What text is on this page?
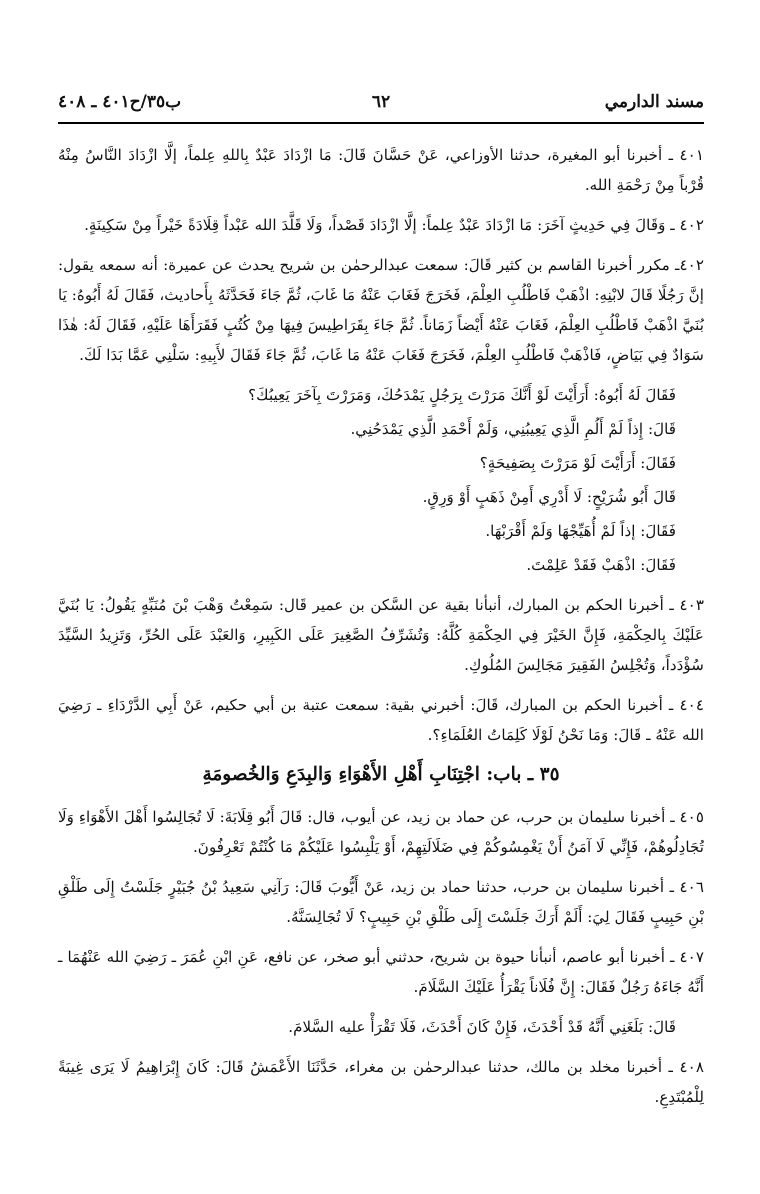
مسند الدارمي
٦٢
ب٣٥/ح٤٠١ ـ ٤٠٨

٤٠١ ـ أخبرنا أبو المغيرة، حدثنا الأوزاعي، عَنْ حَسَّانَ قَالَ: مَا ازْدَادَ عَبْدٌ بِاللهِ عِلماً، إلَّا ازْدَادَ النَّاسُ مِنْهُ قُرْباً مِنْ رَحْمَةِ الله.

٤٠٢ ـ وَقَالَ فِي حَدِيثٍ آخَرَ: مَا ازْدَادَ عَبْدٌ عِلماً: إلَّا ازْدَادَ قَصْداً، وَلَا قَلَّدَ الله عَبْداً قِلَادَةً خَيْراً مِنْ سَكِينَةٍ.

٤٠٢ـ مكرر أخبرنا القاسم بن كثير قَالَ: سمعت عبدالرحمٰن بن شريح يحدث عن عميرة: أنه سمعه يقول: إنَّ رَجُلًا قَالَ لابْنِهِ: اذْهَبْ فَاطْلُبِ العِلْمَ، فَخَرَجَ فَغَابَ عَنْهُ مَا غَابَ، ثُمَّ جَاءَ فَحَدَّثَهُ بِأَحاديث، فَقَالَ لَهُ أَبُوهُ: يَا بُنَيَّ اذْهَبْ فَاطْلُبِ العِلْمَ، فَغَابَ عَنْهُ أَيْضاً زَمَاناً. ثُمَّ جَاءَ بِقَرَاطِيسَ فِيهَا مِنْ كُتُبٍ فَقَرَأَهَا عَلَيْهِ، فَقَالَ لَهُ: هٰذَا سَوَادٌ فِي بَيَاضٍ، فَاذْهَبْ فَاطْلُبِ العِلْمَ، فَخَرَجَ فَغَابَ عَنْهُ مَا غَابَ، ثُمَّ جَاءَ فَقَالَ لأَبِيهِ: سَلْنِي عَمَّا بَدَا لَكَ.

فَقَالَ لَهُ أَبُوهُ: أَرَأَيْتَ لَوْ أَنَّكَ مَرَرْتَ بِرَجُلٍ يَمْدَحُكَ، وَمَرَرْتَ بِآخَرَ يَعِيبُكَ؟

قَالَ: إِذاً لَمْ أَلُمِ الَّذِي يَعِيبُنِي، وَلَمْ أَحْمَدِ الَّذِي يَمْدَحُنِي.

فَقَالَ: أَرَأَيْتَ لَوْ مَرَرْتَ بِصَفِيحَةٍ؟

قَالَ أَبُو شُرَيْحٍ: لَا أَدْرِي أَمِنْ ذَهَبٍ أَوْ وَرِقٍ.

فَقَالَ: إذاً لَمْ أُهَيِّجْهَا وَلَمْ أَقْرَبْهَا.

فَقَالَ: اذْهَبْ فَقَدْ عَلِمْتَ.

٤٠٣ ـ أخبرنا الحكم بن المبارك، أنبأنا بقية عن السَّكن بن عمير قَال: سَمِعْتُ وَهْبَ بْنَ مُنَبِّهٍ يَقُولُ: يَا بُنَيَّ عَلَيْكَ بِالحِكْمَةِ، فَإِنَّ الخَيْرَ فِي الحِكْمَةِ كُلَّهُ: وَتُشَرِّفُ الصَّغِيرَ عَلَى الكَبِيرِ، وَالعَبْدَ عَلَى الحُرِّ، وَتَزِيدُ السَّيِّدَ سُؤْدَداً، وَتُجْلِسُ الفَقِيرَ مَجَالِسَ المُلُوكِ.

٤٠٤ ـ أخبرنا الحكم بن المبارك، قَالَ: أخبرني بقية: سمعت عتبة بن أبي حكيم، عَنْ أَبِي الدَّرْدَاءِ ـ رَضِيَ الله عَنْهُ ـ قَالَ: وَمَا نَحْنُ لَوْلَا كَلِمَاتُ العُلَمَاءِ؟.

٣٥ ـ باب: اجْتِنَابِ أَهْلِ الأَهْوَاءِ وَالبِدَعِ وَالخُصومَةِ

٤٠٥ ـ أخبرنا سليمان بن حرب، عن حماد بن زيد، عن أيوب، قال: قَالَ أَبُو قِلَابَةَ: لَا تُجَالِسُوا أَهْلَ الأَهْوَاءِ وَلَا تُجَادِلُوهُمْ، فَإِنِّي لَا آمَنُ أَنْ يَغْمِسُوكُمْ فِي ضَلَالَتِهِمْ، أَوْ يَلْبِسُوا عَلَيْكُمْ مَا كُنْتُمْ تَعْرِفُونَ.

٤٠٦ ـ أخبرنا سليمان بن حرب، حدثنا حماد بن زيد، عَنْ أَيُّوبَ قَالَ: رَآنِي سَعِيدُ بْنُ جُبَيْرٍ جَلَسْتُ إِلَى طَلْقِ بْنِ حَبِيبٍ فَقَالَ لِيَ: أَلَمْ أَرَكَ جَلَسْتَ إِلَى طَلْقِ بْنِ حَبِيبٍ؟ لَا تُجَالِسَنَّهُ.

٤٠٧ ـ أخبرنا أبو عاصم، أنبأنا حيوة بن شريح، حدثني أبو صخر، عن نافع، عَنِ ابْنِ عُمَرَ ـ رَضِيَ الله عَنْهُمَا ـ أَنَّهُ جَاءَهُ رَجُلٌ فَقَالَ: إِنَّ فُلَاناً يَقْرَأُ عَلَيْكَ السَّلَامَ.

قَالَ: بَلَغَنِي أَنَّهُ قَدْ أَحْدَثَ، فَإِنْ كَانَ أَحْدَثَ، فَلَا تَقْرَأْ عليه السَّلامَ.

٤٠٨ ـ أخبرنا مخلد بن مالك، حدثنا عبدالرحمٰن بن مغراء، حَدَّثَنَا الأَعْمَشُ قَالَ: كَانَ إِبْرَاهِيمُ لَا يَرَى غِيبَةً لِلْمُبْتَدِعِ.
